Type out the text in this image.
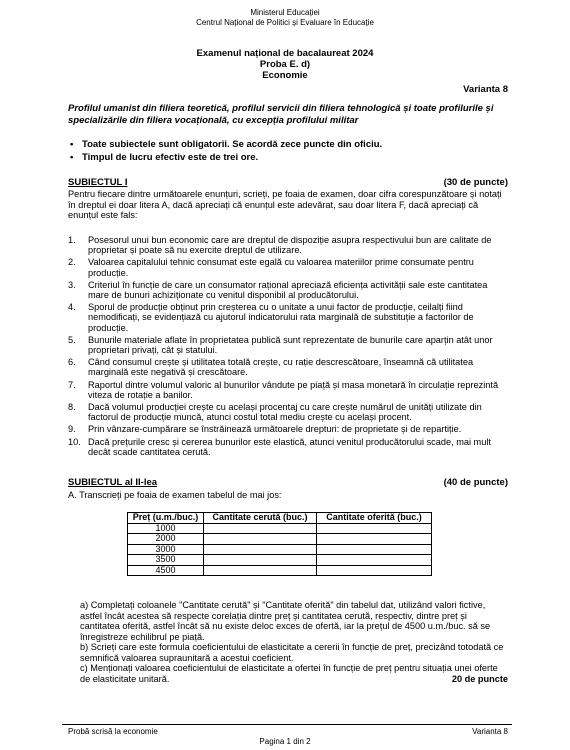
Ministerul Educației
Centrul Național de Politici și Evaluare în Educație
Examenul național de bacalaureat 2024
Proba E. d)
Economie
Varianta 8
Profilul umanist din filiera teoretică, profilul servicii din filiera tehnologică și toate profilurile și specializările din filiera vocațională, cu excepția profilului militar
• Toate subiectele sunt obligatorii. Se acordă zece puncte din oficiu.
• Timpul de lucru efectiv este de trei ore.
SUBIECTUL I	(30 de puncte)
Pentru fiecare dintre următoarele enunțuri, scrieți, pe foaia de examen, doar cifra corespunzătoare și notați în dreptul ei doar litera A, dacă apreciați că enunțul este adevărat, sau doar litera F, dacă apreciați că enunțul este fals:
1. Posesorul unui bun economic care are dreptul de dispoziție asupra respectivului bun are calitate de proprietar și poate să nu exercite dreptul de utilizare.
2. Valoarea capitalului tehnic consumat este egală cu valoarea materiilor prime consumate pentru producție.
3. Criteriul în funcție de care un consumator rațional apreciază eficiența activității sale este cantitatea mare de bunuri achiziționate cu venitul disponibil al producătorului.
4. Sporul de producție obținut prin creșterea cu o unitate a unui factor de producție, ceilalți fiind nemodificați, se evidențiază cu ajutorul indicatorului rata marginală de substituție a factorilor de producție.
5. Bunurile materiale aflate în proprietatea publică sunt reprezentate de bunurile care aparțin atât unor proprietari privați, cât și statului.
6. Când consumul crește și utilitatea totală crește, cu rație descrescătoare, înseamnă că utilitatea marginală este negativă și crescătoare.
7. Raportul dintre volumul valoric al bunurilor vândute pe piață și masa monetară în circulație reprezintă viteza de rotație a banilor.
8. Dacă volumul producției crește cu același procentaj cu care crește numărul de unități utilizate din factorul de producție muncă, atunci costul total mediu crește cu același procent.
9. Prin vânzare-cumpărare se înstrăinează următoarele drepturi: de proprietate și de repartiție.
10. Dacă prețurile cresc și cererea bunurilor este elastică, atunci venitul producătorului scade, mai mult decât scade cantitatea cerută.
SUBIECTUL al II-lea	(40 de puncte)
A. Transcrieți pe foaia de examen tabelul de mai jos:
Preț (u.m./buc.)	Cantitate cerută (buc.)	Cantitate oferită (buc.)
1000		
2000		
3000		
3500		
4500		

a) Completați coloanele "Cantitate cerută" și "Cantitate oferită" din tabelul dat, utilizând valori fictive, astfel încât acestea să respecte corelația dintre preț și cantitatea cerută, respectiv, dintre preț și cantitatea oferită, astfel încât să nu existe deloc exces de ofertă, iar la prețul de 4500 u.m./buc. să se înregistreze echilibrul pe piață.

b) Scrieți care este formula coeficientului de elasticitate a cererii în funcție de preț, precizând totodată ce semnifică valoarea supraunitară a acestui coeficient.

c) Menționați valoarea coeficientului de elasticitate a ofertei în funcție de preț pentru situația unei oferte de elasticitate unitară.	20 de puncte

Probă scrisă la economie	Varianta 8
Pagina 1 din 2
